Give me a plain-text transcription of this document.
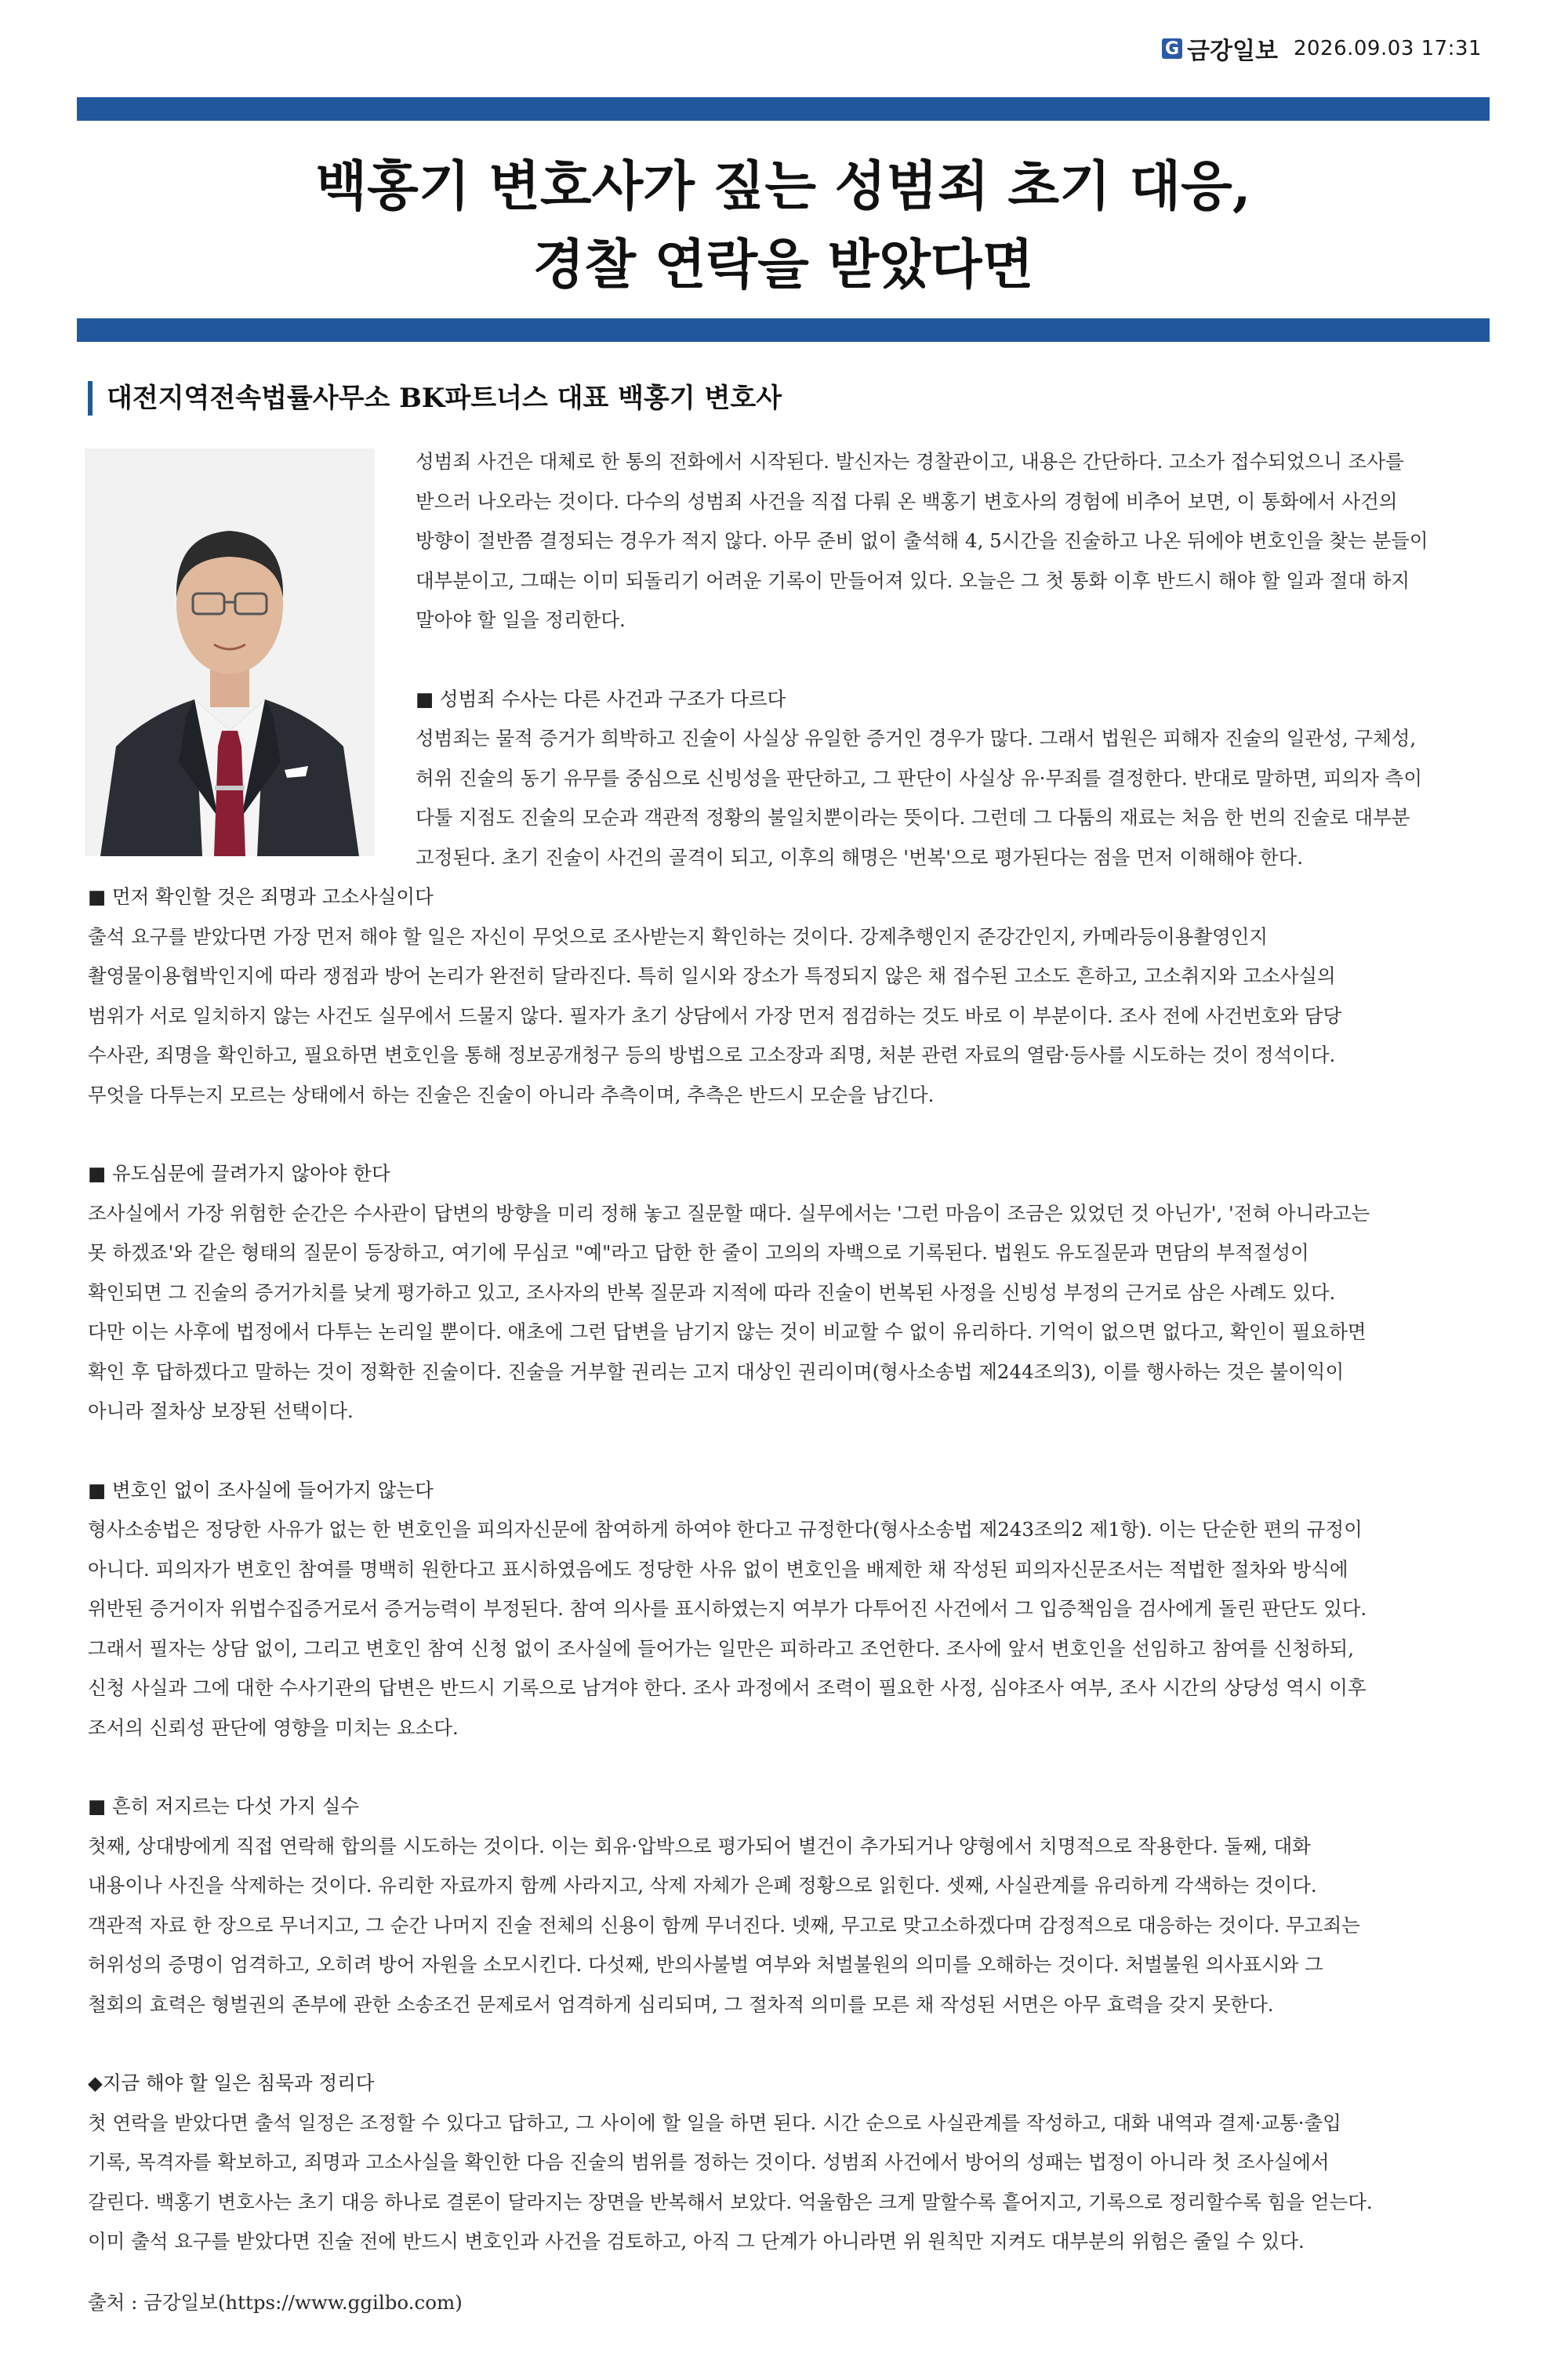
G 금강일보 2026.09.03 17:31
백홍기 변호사가 짚는 성범죄 초기 대응,
경찰 연락을 받았다면
대전지역전속법률사무소 BK파트너스 대표 백홍기 변호사

성범죄 사건은 대체로 한 통의 전화에서 시작된다. 발신자는 경찰관이고, 내용은 간단하다. 고소가 접수되었으니 조사를

받으러 나오라는 것이다. 다수의 성범죄 사건을 직접 다뤄 온 백홍기 변호사의 경험에 비추어 보면, 이 통화에서 사건의

방향이 절반쯤 결정되는 경우가 적지 않다. 아무 준비 없이 출석해 4, 5시간을 진술하고 나온 뒤에야 변호인을 찾는 분들이

대부분이고, 그때는 이미 되돌리기 어려운 기록이 만들어져 있다. 오늘은 그 첫 통화 이후 반드시 해야 할 일과 절대 하지

말아야 할 일을 정리한다.

■ 성범죄 수사는 다른 사건과 구조가 다르다

성범죄는 물적 증거가 희박하고 진술이 사실상 유일한 증거인 경우가 많다. 그래서 법원은 피해자 진술의 일관성, 구체성,

허위 진술의 동기 유무를 중심으로 신빙성을 판단하고, 그 판단이 사실상 유·무죄를 결정한다. 반대로 말하면, 피의자 측이

다툴 지점도 진술의 모순과 객관적 정황의 불일치뿐이라는 뜻이다. 그런데 그 다툼의 재료는 처음 한 번의 진술로 대부분

고정된다. 초기 진술이 사건의 골격이 되고, 이후의 해명은 '번복'으로 평가된다는 점을 먼저 이해해야 한다.

■ 먼저 확인할 것은 죄명과 고소사실이다

출석 요구를 받았다면 가장 먼저 해야 할 일은 자신이 무엇으로 조사받는지 확인하는 것이다. 강제추행인지 준강간인지, 카메라등이용촬영인지

촬영물이용협박인지에 따라 쟁점과 방어 논리가 완전히 달라진다. 특히 일시와 장소가 특정되지 않은 채 접수된 고소도 흔하고, 고소취지와 고소사실의

범위가 서로 일치하지 않는 사건도 실무에서 드물지 않다. 필자가 초기 상담에서 가장 먼저 점검하는 것도 바로 이 부분이다. 조사 전에 사건번호와 담당

수사관, 죄명을 확인하고, 필요하면 변호인을 통해 정보공개청구 등의 방법으로 고소장과 죄명, 처분 관련 자료의 열람·등사를 시도하는 것이 정석이다.

무엇을 다투는지 모르는 상태에서 하는 진술은 진술이 아니라 추측이며, 추측은 반드시 모순을 남긴다.

■ 유도심문에 끌려가지 않아야 한다

조사실에서 가장 위험한 순간은 수사관이 답변의 방향을 미리 정해 놓고 질문할 때다. 실무에서는 '그런 마음이 조금은 있었던 것 아닌가', '전혀 아니라고는

못 하겠죠'와 같은 형태의 질문이 등장하고, 여기에 무심코 "예"라고 답한 한 줄이 고의의 자백으로 기록된다. 법원도 유도질문과 면담의 부적절성이

확인되면 그 진술의 증거가치를 낮게 평가하고 있고, 조사자의 반복 질문과 지적에 따라 진술이 번복된 사정을 신빙성 부정의 근거로 삼은 사례도 있다.

다만 이는 사후에 법정에서 다투는 논리일 뿐이다. 애초에 그런 답변을 남기지 않는 것이 비교할 수 없이 유리하다. 기억이 없으면 없다고, 확인이 필요하면

확인 후 답하겠다고 말하는 것이 정확한 진술이다. 진술을 거부할 권리는 고지 대상인 권리이며(형사소송법 제244조의3), 이를 행사하는 것은 불이익이

아니라 절차상 보장된 선택이다.

■ 변호인 없이 조사실에 들어가지 않는다

형사소송법은 정당한 사유가 없는 한 변호인을 피의자신문에 참여하게 하여야 한다고 규정한다(형사소송법 제243조의2 제1항). 이는 단순한 편의 규정이

아니다. 피의자가 변호인 참여를 명백히 원한다고 표시하였음에도 정당한 사유 없이 변호인을 배제한 채 작성된 피의자신문조서는 적법한 절차와 방식에

위반된 증거이자 위법수집증거로서 증거능력이 부정된다. 참여 의사를 표시하였는지 여부가 다투어진 사건에서 그 입증책임을 검사에게 돌린 판단도 있다.

그래서 필자는 상담 없이, 그리고 변호인 참여 신청 없이 조사실에 들어가는 일만은 피하라고 조언한다. 조사에 앞서 변호인을 선임하고 참여를 신청하되,

신청 사실과 그에 대한 수사기관의 답변은 반드시 기록으로 남겨야 한다. 조사 과정에서 조력이 필요한 사정, 심야조사 여부, 조사 시간의 상당성 역시 이후

조서의 신뢰성 판단에 영향을 미치는 요소다.

■ 흔히 저지르는 다섯 가지 실수

첫째, 상대방에게 직접 연락해 합의를 시도하는 것이다. 이는 회유·압박으로 평가되어 별건이 추가되거나 양형에서 치명적으로 작용한다. 둘째, 대화

내용이나 사진을 삭제하는 것이다. 유리한 자료까지 함께 사라지고, 삭제 자체가 은폐 정황으로 읽힌다. 셋째, 사실관계를 유리하게 각색하는 것이다.

객관적 자료 한 장으로 무너지고, 그 순간 나머지 진술 전체의 신용이 함께 무너진다. 넷째, 무고로 맞고소하겠다며 감정적으로 대응하는 것이다. 무고죄는

허위성의 증명이 엄격하고, 오히려 방어 자원을 소모시킨다. 다섯째, 반의사불벌 여부와 처벌불원의 의미를 오해하는 것이다. 처벌불원 의사표시와 그

철회의 효력은 형벌권의 존부에 관한 소송조건 문제로서 엄격하게 심리되며, 그 절차적 의미를 모른 채 작성된 서면은 아무 효력을 갖지 못한다.

◆지금 해야 할 일은 침묵과 정리다

첫 연락을 받았다면 출석 일정은 조정할 수 있다고 답하고, 그 사이에 할 일을 하면 된다. 시간 순으로 사실관계를 작성하고, 대화 내역과 결제·교통·출입

기록, 목격자를 확보하고, 죄명과 고소사실을 확인한 다음 진술의 범위를 정하는 것이다. 성범죄 사건에서 방어의 성패는 법정이 아니라 첫 조사실에서

갈린다. 백홍기 변호사는 초기 대응 하나로 결론이 달라지는 장면을 반복해서 보았다. 억울함은 크게 말할수록 흩어지고, 기록으로 정리할수록 힘을 얻는다.

이미 출석 요구를 받았다면 진술 전에 반드시 변호인과 사건을 검토하고, 아직 그 단계가 아니라면 위 원칙만 지켜도 대부분의 위험은 줄일 수 있다.

출처 : 금강일보(https://www.ggilbo.com)
